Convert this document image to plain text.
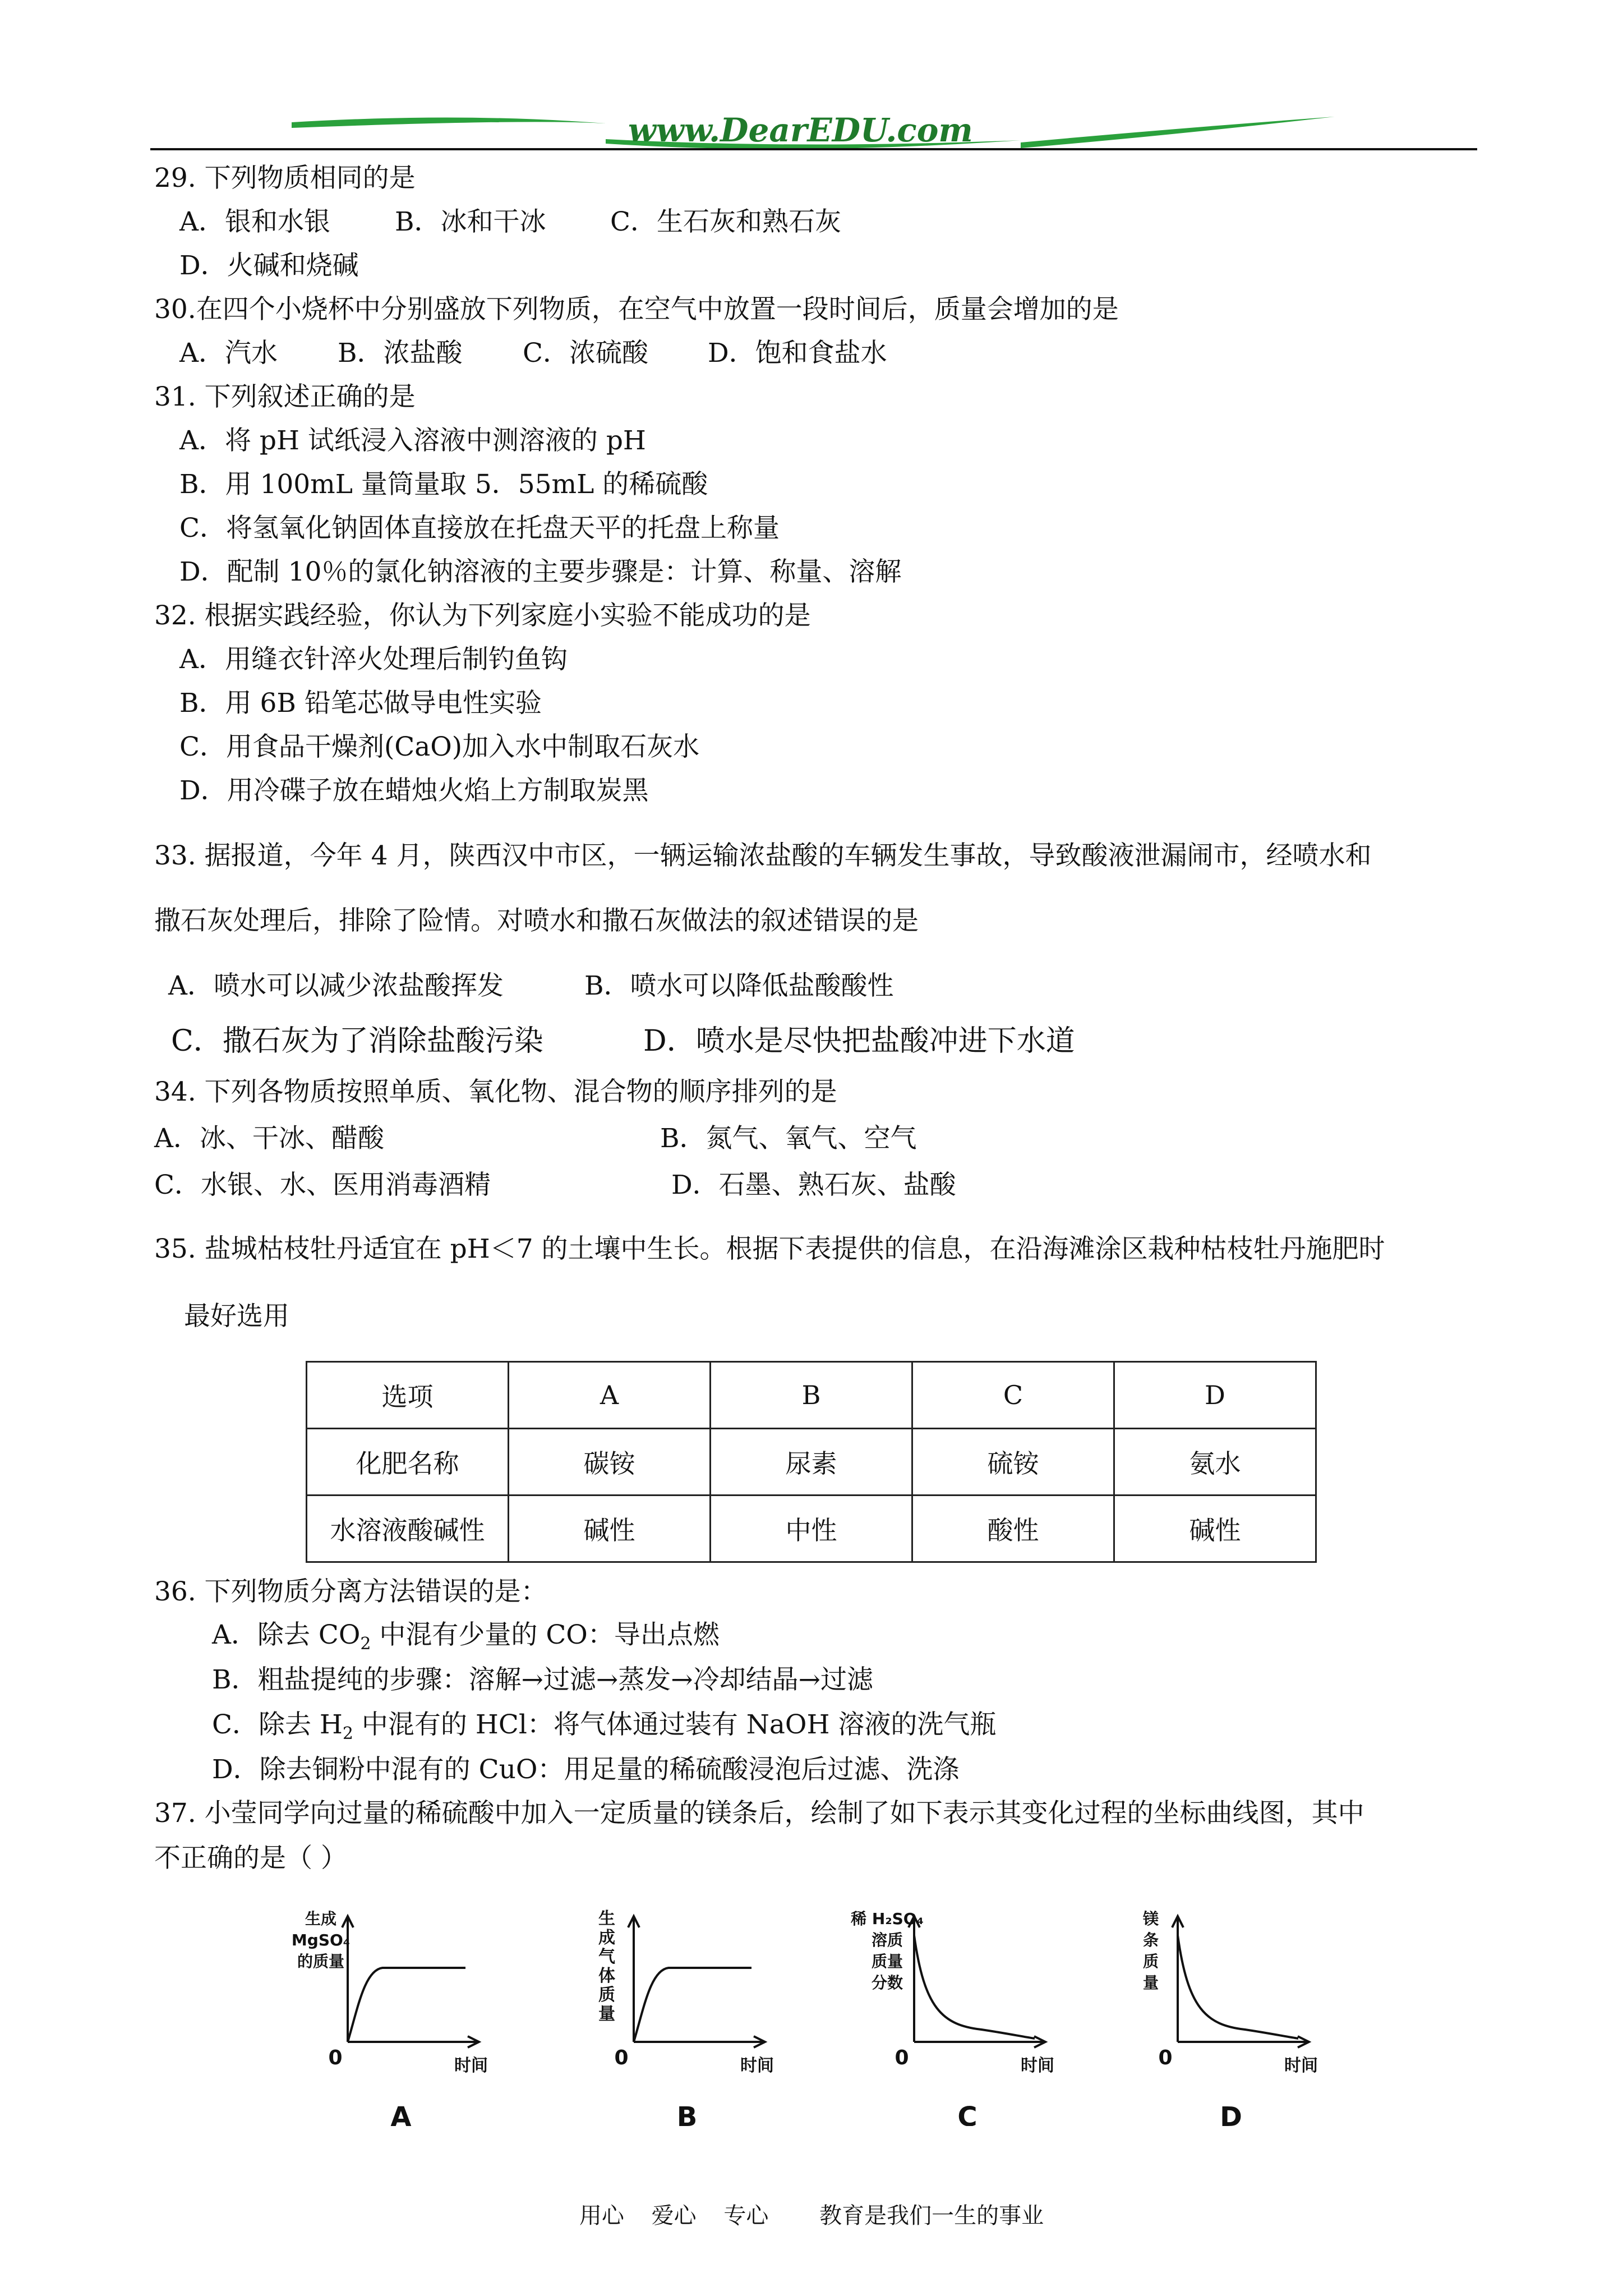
www.DearEDU.com
29. 下列物质相同的是
A．银和水银	B．冰和干冰	C．生石灰和熟石灰
D．火碱和烧碱
30.在四个小烧杯中分别盛放下列物质，在空气中放置一段时间后，质量会增加的是
A．汽水	B．浓盐酸	C．浓硫酸	D．饱和食盐水
31. 下列叙述正确的是
A．将 pH 试纸浸入溶液中测溶液的 pH
B．用 100mL 量筒量取 5．55mL 的稀硫酸
C．将氢氧化钠固体直接放在托盘天平的托盘上称量
D．配制 10％的氯化钠溶液的主要步骤是：计算、称量、溶解
32. 根据实践经验，你认为下列家庭小实验不能成功的是
A．用缝衣针淬火处理后制钓鱼钩
B．用 6B 铅笔芯做导电性实验
C．用食品干燥剂(CaO)加入水中制取石灰水
D．用冷碟子放在蜡烛火焰上方制取炭黑
33. 据报道，今年 4 月，陕西汉中市区，一辆运输浓盐酸的车辆发生事故，导致酸液泄漏闹市，经喷水和
撒石灰处理后，排除了险情。对喷水和撒石灰做法的叙述错误的是
A．喷水可以减少浓盐酸挥发	B．喷水可以降低盐酸酸性
C．撒石灰为了消除盐酸污染	D．喷水是尽快把盐酸冲进下水道
34. 下列各物质按照单质、氧化物、混合物的顺序排列的是
A．冰、干冰、醋酸	B．氮气、氧气、空气
C．水银、水、医用消毒酒精	D．石墨、熟石灰、盐酸
35. 盐城枯枝牡丹适宜在 pH＜7 的土壤中生长。根据下表提供的信息，在沿海滩涂区栽种枯枝牡丹施肥时
最好选用
选项	A	B	C	D
化肥名称	碳铵	尿素	硫铵	氨水
水溶液酸碱性	碱性	中性	酸性	碱性
36. 下列物质分离方法错误的是：
A．除去 $CO_2$ 中混有少量的 CO：导出点燃
B．粗盐提纯的步骤：溶解→过滤→蒸发→冷却结晶→过滤
C．除去 $H_2$ 中混有的 HCl：将气体通过装有 NaOH 溶液的洗气瓶
D．除去铜粉中混有的 CuO：用足量的稀硫酸浸泡后过滤、洗涤
37. 小莹同学向过量的稀硫酸中加入一定质量的镁条后，绘制了如下表示其变化过程的坐标曲线图，其中
不正确的是（ ）
0	时间
生成
MgSO₄
的质量
A
0	时间
生
成
气
体
质
量
B
0	时间
稀 H₂SO₄
溶质
质量
分数
C
0	时间
镁
条
质
量
D
用心 爱心 专心 教育是我们一生的事业
